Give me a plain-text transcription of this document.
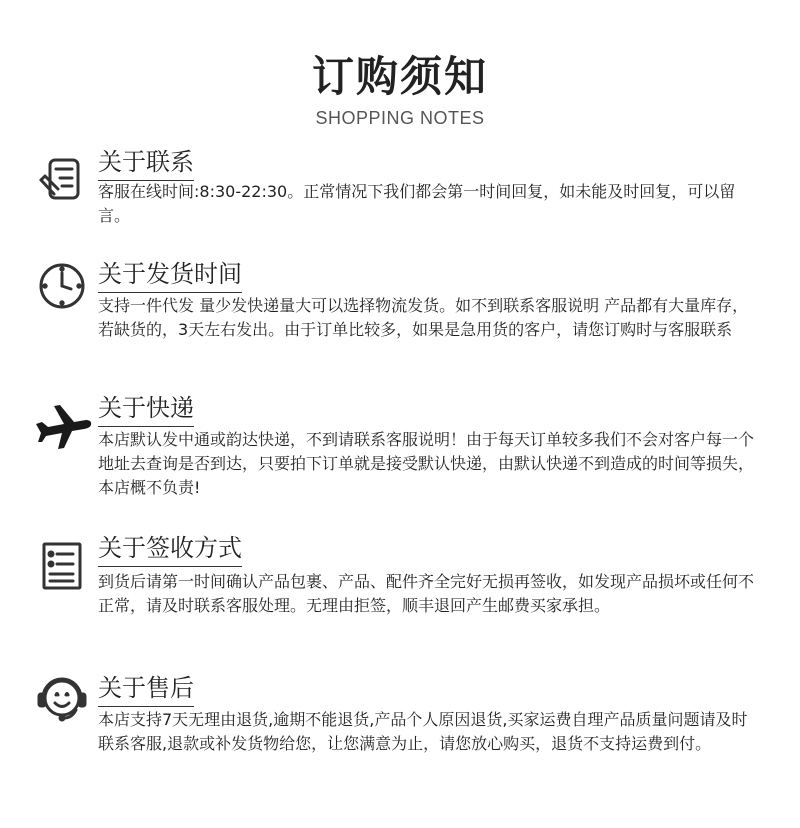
订购须知
SHOPPING NOTES
关于联系
客服在线时间:8:30-22:30。正常情况下我们都会第一时间回复，如未能及时回复，可以留言。
关于发货时间
支持一件代发 量少发快递量大可以选择物流发货。如不到联系客服说明 产品都有大量库存，若缺货的，3天左右发出。由于订单比较多，如果是急用货的客户，请您订购时与客服联系
关于快递
本店默认发中通或韵达快递，不到请联系客服说明！由于每天订单较多我们不会对客户每一个地址去查询是否到达，只要拍下订单就是接受默认快递，由默认快递不到造成的时间等损失，本店概不负责!
关于签收方式
到货后请第一时间确认产品包裹、产品、配件齐全完好无损再签收，如发现产品损坏或任何不正常，请及时联系客服处理。无理由拒签，顺丰退回产生邮费买家承担。
关于售后
本店支持7天无理由退货,逾期不能退货,产品个人原因退货,买家运费自理产品质量问题请及时联系客服,退款或补发货物给您，让您满意为止，请您放心购买，退货不支持运费到付。
